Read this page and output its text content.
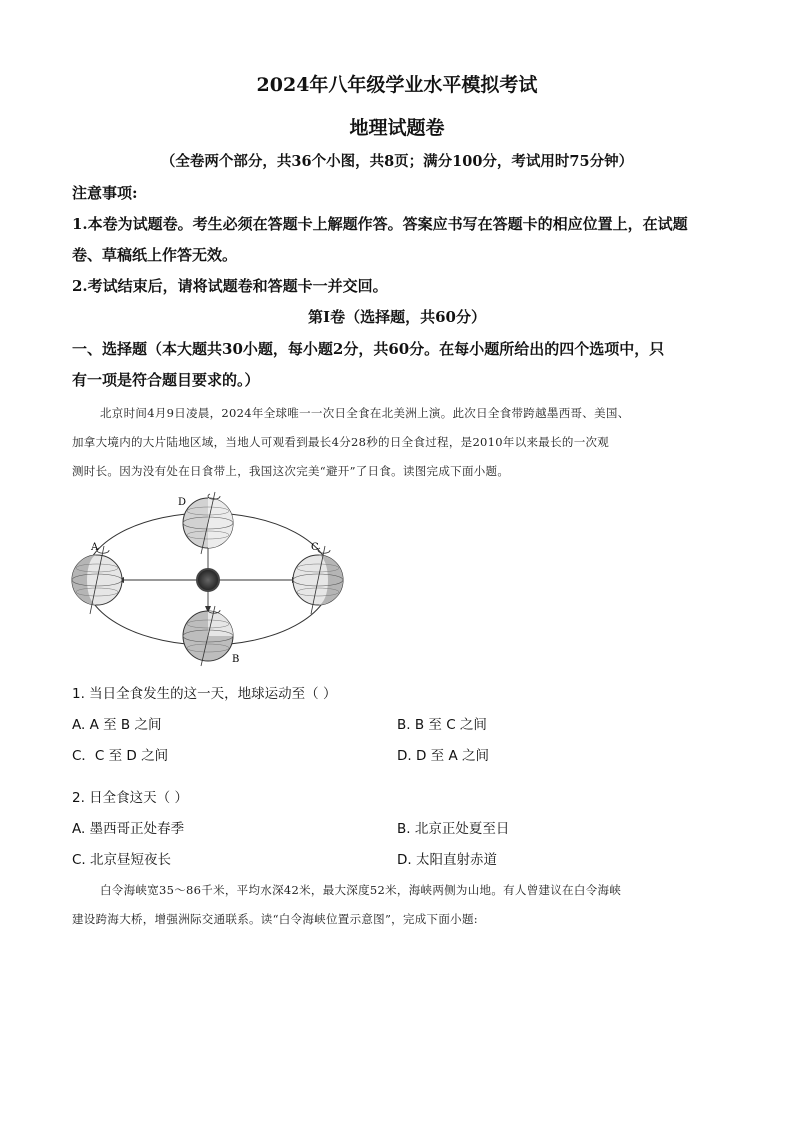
2024年八年级学业水平模拟考试
地理试题卷
（全卷两个部分，共36个小图，共8页；满分100分，考试用时75分钟）
注意事项:
1.本卷为试题卷。考生必须在答题卡上解题作答。答案应书写在答题卡的相应位置上，在试题
卷、草稿纸上作答无效。
2.考试结束后，请将试题卷和答题卡一并交回。
第Ⅰ卷（选择题，共60分）
一、选择题（本大题共30小题，每小题2分，共60分。在每小题所给出的四个选项中，只
有一项是符合题目要求的。）
北京时间4月9日凌晨，2024年全球唯一一次日全食在北美洲上演。此次日全食带跨越墨西哥、美国、
加拿大境内的大片陆地区域，当地人可观看到最长4分28秒的日全食过程，是2010年以来最长的一次观
测时长。因为没有处在日食带上，我国这次完美“避开”了日食。读图完成下面小题。
A	C
D
B
1. 当日全食发生的这一天，地球运动至（ ）
A. A 至 B 之间	B. B 至 C 之间
C．C 至 D 之间	D. D 至 A 之间
2. 日全食这天（ ）
A. 墨西哥正处春季	B. 北京正处夏至日
C. 北京昼短夜长	D. 太阳直射赤道
白令海峡宽35～86千米，平均水深42米，最大深度52米，海峡两侧为山地。有人曾建议在白令海峡
建设跨海大桥，增强洲际交通联系。读“白令海峡位置示意图”，完成下面小题:
